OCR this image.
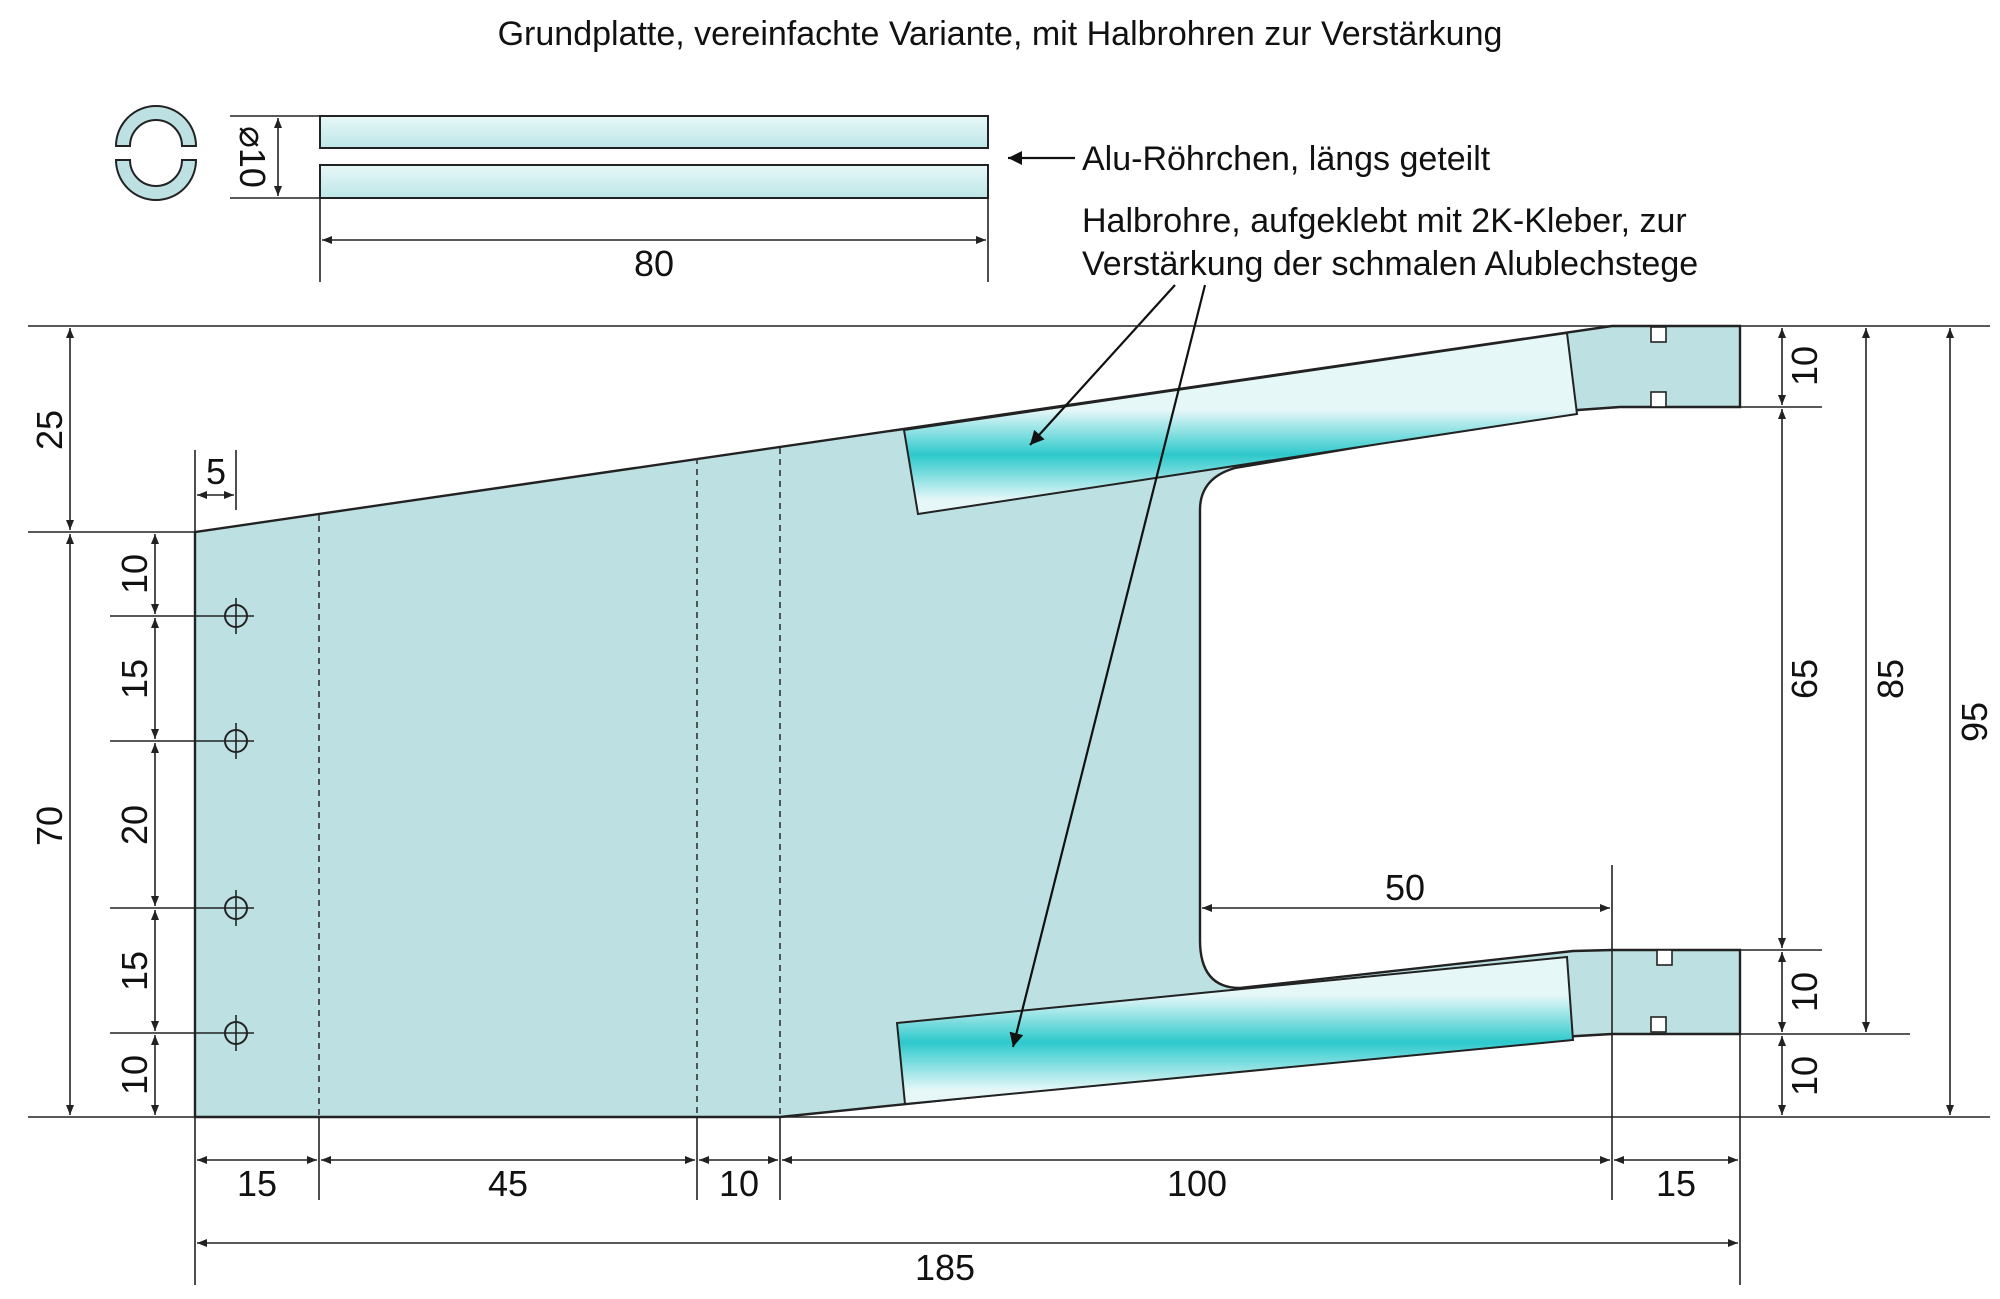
Grundplatte, vereinfachte Variante, mit Halbrohren zur Verstärkung
⌀10
80
Alu-Röhrchen, längs geteilt
Halbrohre, aufgeklebt mit 2K-Kleber, zur
Verstärkung der schmalen Alublechstege
25
70
5
10
15
20
15
10
15	45	10	100	15
185
50
10
65 85
95
10
10
